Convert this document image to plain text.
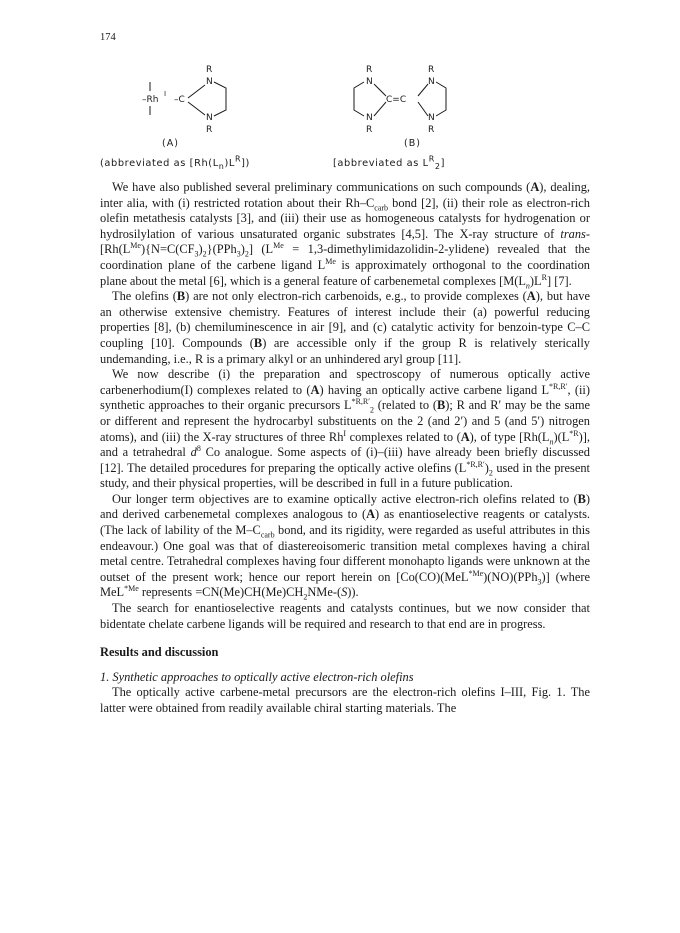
174
R
N
–Rh
I
–C
N
R
R	R
N	N
C=C
N	N
R	R
(A)	(B)
(abbreviated as $[Rh(L_n)L^R]$)	[abbreviated as $L^R_2$]

We have also published several preliminary communications on such compounds (A), dealing, inter alia, with (i) restricted rotation about their $Rh-C_{carb}$ bond [2], (ii) their role as electron-rich olefin metathesis catalysts [3], and (iii) their use as homogeneous catalysts for hydrogenation or hydrosilylation of various unsaturated organic substrates [4,5]. The X-ray structure of trans-$[Rh(L^{Me})\{N=C(CF_3)_2\}(PPh_3)_2] (L^{Me}$ = 1,3-dimethylimidazolidin-2-ylidene) revealed that the coordination plane of the carbene ligand $L^{Me}$ is approximately orthogonal to the coordination plane about the metal [6], which is a general feature of carbenemetal complexes $[M(L_n)L^R]$ [7].

The olefins (B) are not only electron-rich carbenoids, e.g., to provide complexes (A), but have an otherwise extensive chemistry. Features of interest include their (a) powerful reducing properties [8], (b) chemiluminescence in air [9], and (c) catalytic activity for benzoin-type C–C coupling [10]. Compounds (B) are accessible only if the group R is relatively sterically undemanding, i.e., R is a primary alkyl or an unhindered aryl group [11].

We now describe (i) the preparation and spectroscopy of numerous optically active carbenerhodium(I) complexes related to (A) having an optically active carbene ligand $L^{*R,R'}$, (ii) synthetic approaches to their organic precursors $L^{*R,R'}_2$ (related to (B); R and R′ may be the same or different and represent the hydrocarbyl substituents on the 2 (and 2′) and 5 (and 5′) nitrogen atoms), and (iii) the X-ray structures of three $Rh^I$ complexes related to (A), of type $[Rh(L_n)(L^{*R})]$, and a tetrahedral $d^8$ Co analogue. Some aspects of (i)–(iii) have already been briefly discussed [12]. The detailed procedures for preparing the optically active olefins $(L^{*R,R'})_2$ used in the present study, and their physical properties, will be described in full in a future publication.

Our longer term objectives are to examine optically active electron-rich olefins related to (B) and derived carbenemetal complexes analogous to (A) as enantioselective reagents or catalysts. (The lack of lability of the $M-C_{carb}$ bond, and its rigidity, were regarded as useful attributes in this endeavour.) One goal was that of diastereoisomeric transition metal complexes having a chiral metal centre. Tetrahedral complexes having four different monohapto ligands were unknown at the outset of the present work; hence our report herein on [Co(CO)(MeL$^{*Me}$)(NO)(PPh$_3$)] (where MeL$^{*Me}$ represents $=CN(Me)CH(Me)CH_2NMe-(S)$).

The search for enantioselective reagents and catalysts continues, but we now consider that bidentate chelate carbene ligands will be required and research to that end are in progress.

Results and discussion

1. Synthetic approaches to optically active electron-rich olefins

The optically active carbene-metal precursors are the electron-rich olefins I–III, Fig. 1. The latter were obtained from readily available chiral starting materials. The
